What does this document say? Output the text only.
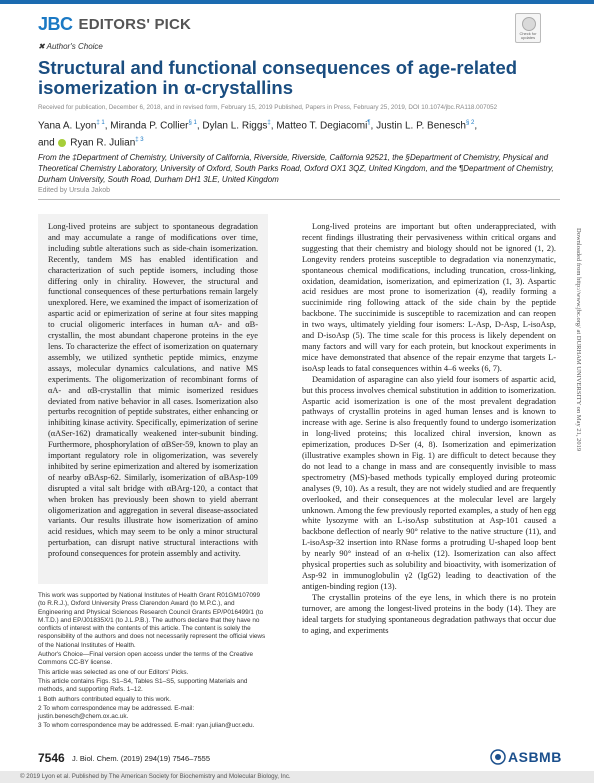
JBC EDITORS' PICK
Check for updates
✖ Author's Choice
Structural and functional consequences of age-related isomerization in α-crystallins
Received for publication, December 6, 2018, and in revised form, February 15, 2019 Published, Papers in Press, February 25, 2019, DOI 10.1074/jbc.RA118.007052
Yana A. Lyon$^{\ddagger 1}$, Miranda P. Collier$^{\S 1}$, Dylan L. Riggs‡, Matteo T. Degiacomi¶, Justin L. P. Benesch$^{\S 2}$,
and Ryan R. Julian$^{\ddagger 3}$
From the ‡Department of Chemistry, University of California, Riverside, Riverside, California 92521, the §Department of Chemistry, Physical and Theoretical Chemistry Laboratory, University of Oxford, South Parks Road, Oxford OX1 3QZ, United Kingdom, and the ¶Department of Chemistry, Durham University, South Road, Durham DH1 3LE, United Kingdom
Edited by Ursula Jakob

Long-lived proteins are subject to spontaneous degradation and may accumulate a range of modifications over time, including subtle alterations such as side-chain isomerization. Recently, tandem MS has enabled identification and characterization of such peptide isomers, including those differing only in chirality. However, the structural and functional consequences of these perturbations remain largely unexplored. Here, we examined the impact of isomerization of aspartic acid or epimerization of serine at four sites mapping to crucial oligomeric interfaces in human αA- and αB-crystallin, the most abundant chaperone proteins in the eye lens. To characterize the effect of isomerization on quaternary assembly, we utilized synthetic peptide mimics, enzyme assays, molecular dynamics calculations, and native MS experiments. The oligomerization of recombinant forms of αA- and αB-crystallin that mimic isomerized residues deviated from native behavior in all cases. Isomerization also perturbs recognition of peptide substrates, either enhancing or inhibiting kinase activity. Specifically, epimerization of serine (αASer-162) dramatically weakened inter-subunit binding. Furthermore, phosphorylation of αBSer-59, known to play an important regulatory role in oligomerization, was severely inhibited by serine epimerization and altered by isomerization of nearby αBAsp-62. Similarly, isomerization of αBAsp-109 disrupted a vital salt bridge with αBArg-120, a contact that when broken has previously been shown to yield aberrant oligomerization and aggregation in several disease-associated variants. Our results illustrate how isomerization of amino acid residues, which may seem to be only a minor structural perturbation, can disrupt native structural interactions with profound consequences for protein assembly and activity.

Long-lived proteins are important but often underappreciated, with recent findings illustrating their pervasiveness within critical organs and suggesting that their chemistry and biology should not be ignored (1, 2). Longevity renders proteins susceptible to degradation via nonenzymatic, spontaneous chemical modifications, including truncation, cross-linking, oxidation, deamidation, isomerization, and epimerization (1, 3). Aspartic acid residues are most prone to isomerization (4), readily forming a succinimide ring following attack of the side chain by the peptide backbone. The succinimide is susceptible to racemization and can reopen in two ways, ultimately yielding four isomers: L-Asp, D-Asp, L-isoAsp, and D-isoAsp (5). The time scale for this process is likely dependent on many factors and will vary for each protein, but knockout experiments in mice have demonstrated that absence of the repair enzyme that targets L-isoAsp leads to fatal consequences within 4–6 weeks (6, 7).

Deamidation of asparagine can also yield four isomers of aspartic acid, but this process involves chemical substitution in addition to isomerization. Aspartic acid isomerization is one of the most prevalent degradation pathways of crystallin proteins in aged human lenses and is known to increase with age. Serine is also frequently found to undergo isomerization in long-lived proteins; this localized chiral inversion, known as epimerization, produces D-Ser (4, 8). Isomerization and epimerization (illustrative examples shown in Fig. 1) are difficult to detect because they do not lead to a change in mass and are consequently invisible to mass spectrometry (MS)-based methods typically employed during proteomic analyses (9, 10). As a result, they are not widely studied and are frequently overlooked, and their consequences at the molecular level are largely unknown. Among the few previously reported examples, a study of hen egg white lysozyme with an L-isoAsp substitution at Asp-101 caused a backbone deflection of nearly 90° relative to the native structure (11), and L-isoAsp-32 insertion into RNase forms a protruding U-shaped loop bent by nearly 90° instead of an α-helix (12). Isomerization can also affect physical properties such as solubility and bioactivity, with isomerization of Asp-92 in immunoglobulin γ2 (IgG2) leading to deactivation of the antigen-binding region (13).

The crystallin proteins of the eye lens, in which there is no protein turnover, are among the longest-lived proteins in the body (14). They are ideal targets for studying spontaneous degradation pathways that occur due to aging, and experiments

This work was supported by National Institutes of Health Grant R01GM107099 (to R.R.J.), Oxford University Press Clarendon Award (to M.P.C.), and Engineering and Physical Sciences Research Council Grants EP/P016499/1 (to M.T.D.) and EP/J01835X/1 (to J.L.P.B.). The authors declare that they have no conflicts of interest with the contents of this article. The content is solely the responsibility of the authors and does not necessarily represent the official views of the National Institutes of Health.

Author's Choice—Final version open access under the terms of the Creative Commons CC-BY license.

This article was selected as one of our Editors' Picks.

This article contains Figs. S1–S4, Tables S1–S5, supporting Materials and methods, and supporting Refs. 1–12.

1 Both authors contributed equally to this work.

2 To whom correspondence may be addressed. E-mail: justin.benesch@chem.ox.ac.uk.

3 To whom correspondence may be addressed. E-mail: ryan.julian@ucr.edu.

Downloaded from http://www.jbc.org/ at DURHAM UNIVERSITY on May 21, 2019
7546 J. Biol. Chem. (2019) 294(19) 7546–7555	ASBMB
© 2019 Lyon et al. Published by The American Society for Biochemistry and Molecular Biology, Inc.
